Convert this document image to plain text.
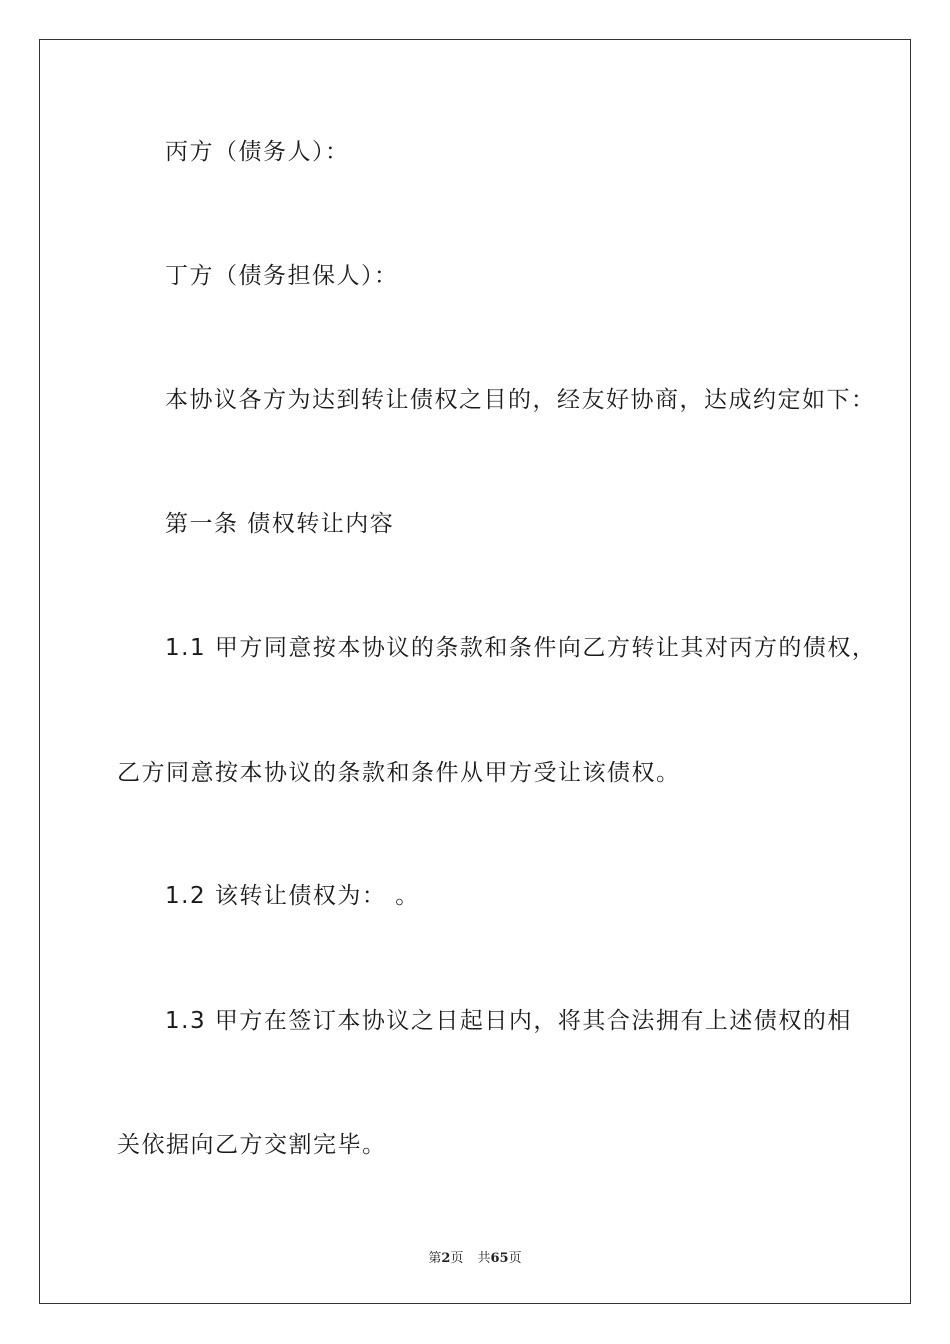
丙方（债务人）：
丁方（债务担保人）：
本协议各方为达到转让债权之目的，经友好协商，达成约定如下：
第一条 债权转让内容
1.1 甲方同意按本协议的条款和条件向乙方转让其对丙方的债权，
乙方同意按本协议的条款和条件从甲方受让该债权。
1.2 该转让债权为： 。
1.3 甲方在签订本协议之日起日内，将其合法拥有上述债权的相
关依据向乙方交割完毕。
第2页 共65页
